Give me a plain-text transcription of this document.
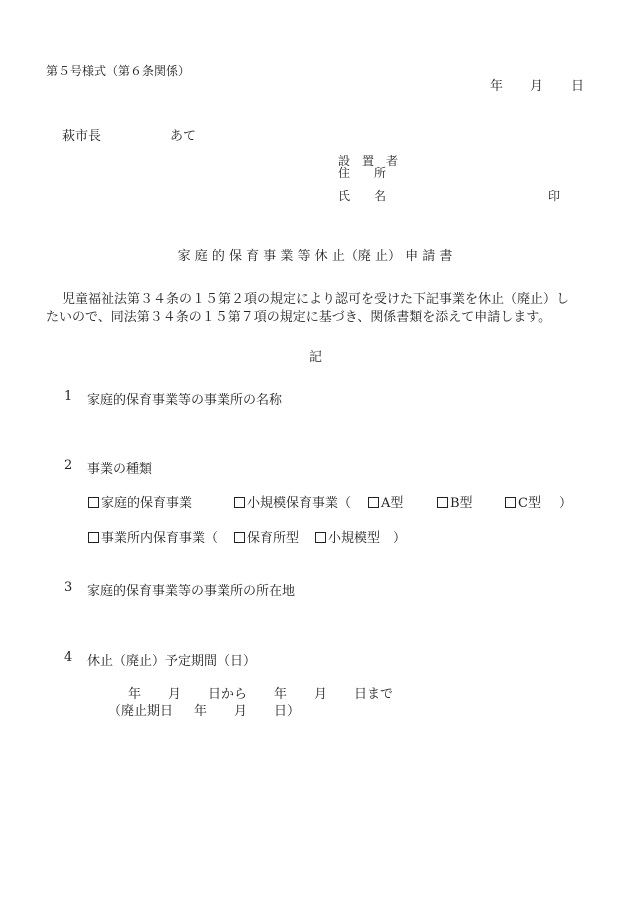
第５号様式（第６条関係）
年 月 日
萩市長	あて
設　置　者
住　　所
氏　　名	印
家 庭 的 保 育 事 業 等 休 止（廃 止） 申 請 書
児童福祉法第３４条の１５第２項の規定により認可を受けた下記事業を休止（廃止）し
たいので、同法第３４条の１５第７項の規定に基づき、関係書類を添えて申請します。
記
1 家庭的保育事業等の事業所の名称
2 事業の種類
家庭的保育事業	小規模保育事業（	A型	B型	C型 ）
事業所内保育事業（	保育所型	小規模型 ）
3 家庭的保育事業等の事業所の所在地
4 休止（廃止）予定期間（日）
年 月 日から 年 月 日まで
（廃止期日 年 月 日）
